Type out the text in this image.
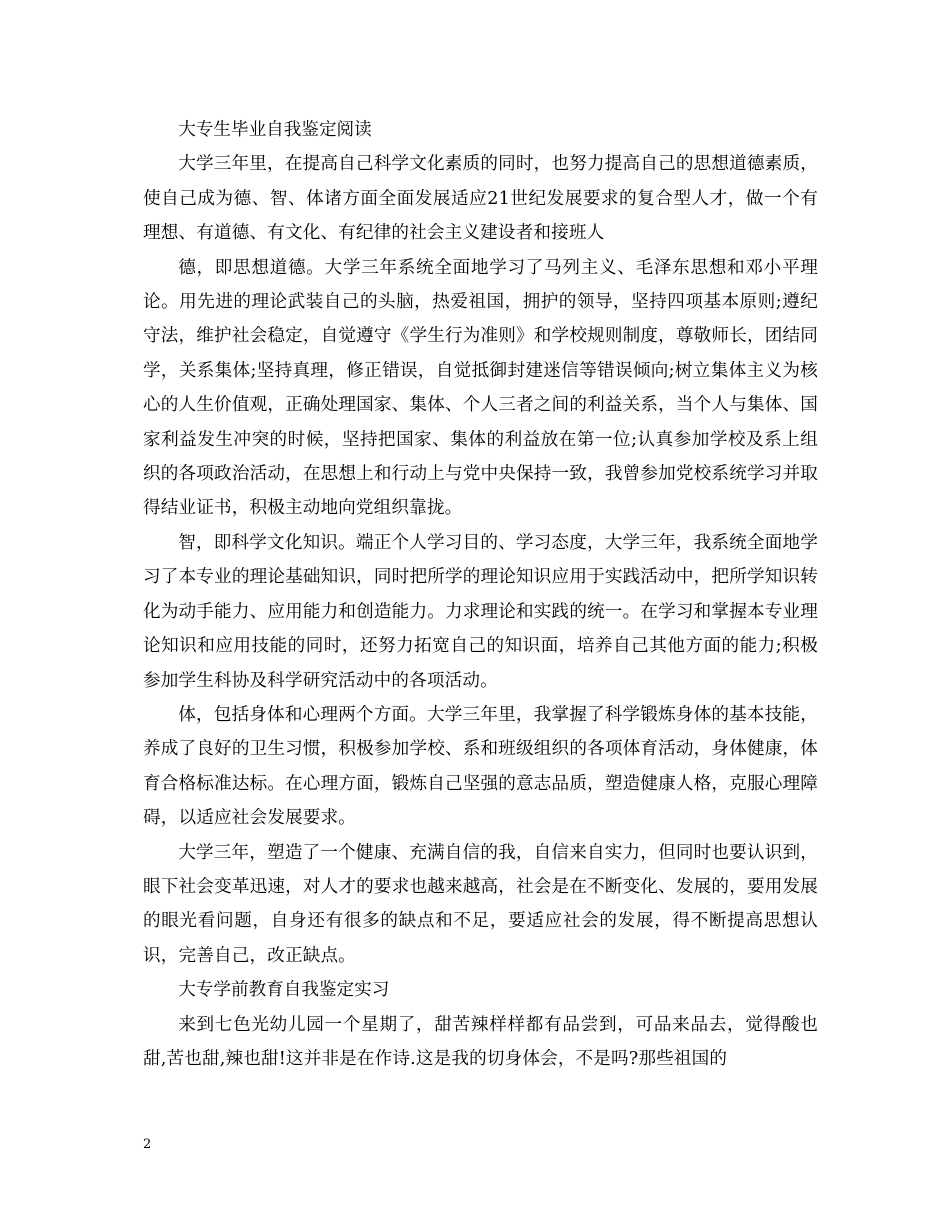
大专生毕业自我鉴定阅读

大学三年里，在提高自己科学文化素质的同时，也努力提高自己的思想道德素质，使自己成为德、智、体诸方面全面发展适应21世纪发展要求的复合型人才，做一个有理想、有道德、有文化、有纪律的社会主义建设者和接班人

德，即思想道德。大学三年系统全面地学习了马列主义、毛泽东思想和邓小平理论。用先进的理论武装自己的头脑，热爱祖国，拥护的领导，坚持四项基本原则;遵纪守法，维护社会稳定，自觉遵守《学生行为准则》和学校规则制度，尊敬师长，团结同学，关系集体;坚持真理，修正错误，自觉抵御封建迷信等错误倾向;树立集体主义为核心的人生价值观，正确处理国家、集体、个人三者之间的利益关系，当个人与集体、国家利益发生冲突的时候，坚持把国家、集体的利益放在第一位;认真参加学校及系上组织的各项政治活动，在思想上和行动上与党中央保持一致，我曾参加党校系统学习并取得结业证书，积极主动地向党组织靠拢。

智，即科学文化知识。端正个人学习目的、学习态度，大学三年，我系统全面地学习了本专业的理论基础知识，同时把所学的理论知识应用于实践活动中，把所学知识转化为动手能力、应用能力和创造能力。力求理论和实践的统一。在学习和掌握本专业理论知识和应用技能的同时，还努力拓宽自己的知识面，培养自己其他方面的能力;积极参加学生科协及科学研究活动中的各项活动。

体，包括身体和心理两个方面。大学三年里，我掌握了科学锻炼身体的基本技能，养成了良好的卫生习惯，积极参加学校、系和班级组织的各项体育活动，身体健康，体育合格标准达标。在心理方面，锻炼自己坚强的意志品质，塑造健康人格，克服心理障碍，以适应社会发展要求。

大学三年，塑造了一个健康、充满自信的我，自信来自实力，但同时也要认识到，眼下社会变革迅速，对人才的要求也越来越高，社会是在不断变化、发展的，要用发展的眼光看问题，自身还有很多的缺点和不足，要适应社会的发展，得不断提高思想认识，完善自己，改正缺点。

大专学前教育自我鉴定实习

来到七色光幼儿园一个星期了，甜苦辣样样都有品尝到，可品来品去，觉得酸也甜,苦也甜,辣也甜!这并非是在作诗.这是我的切身体会，不是吗?那些祖国的

2
